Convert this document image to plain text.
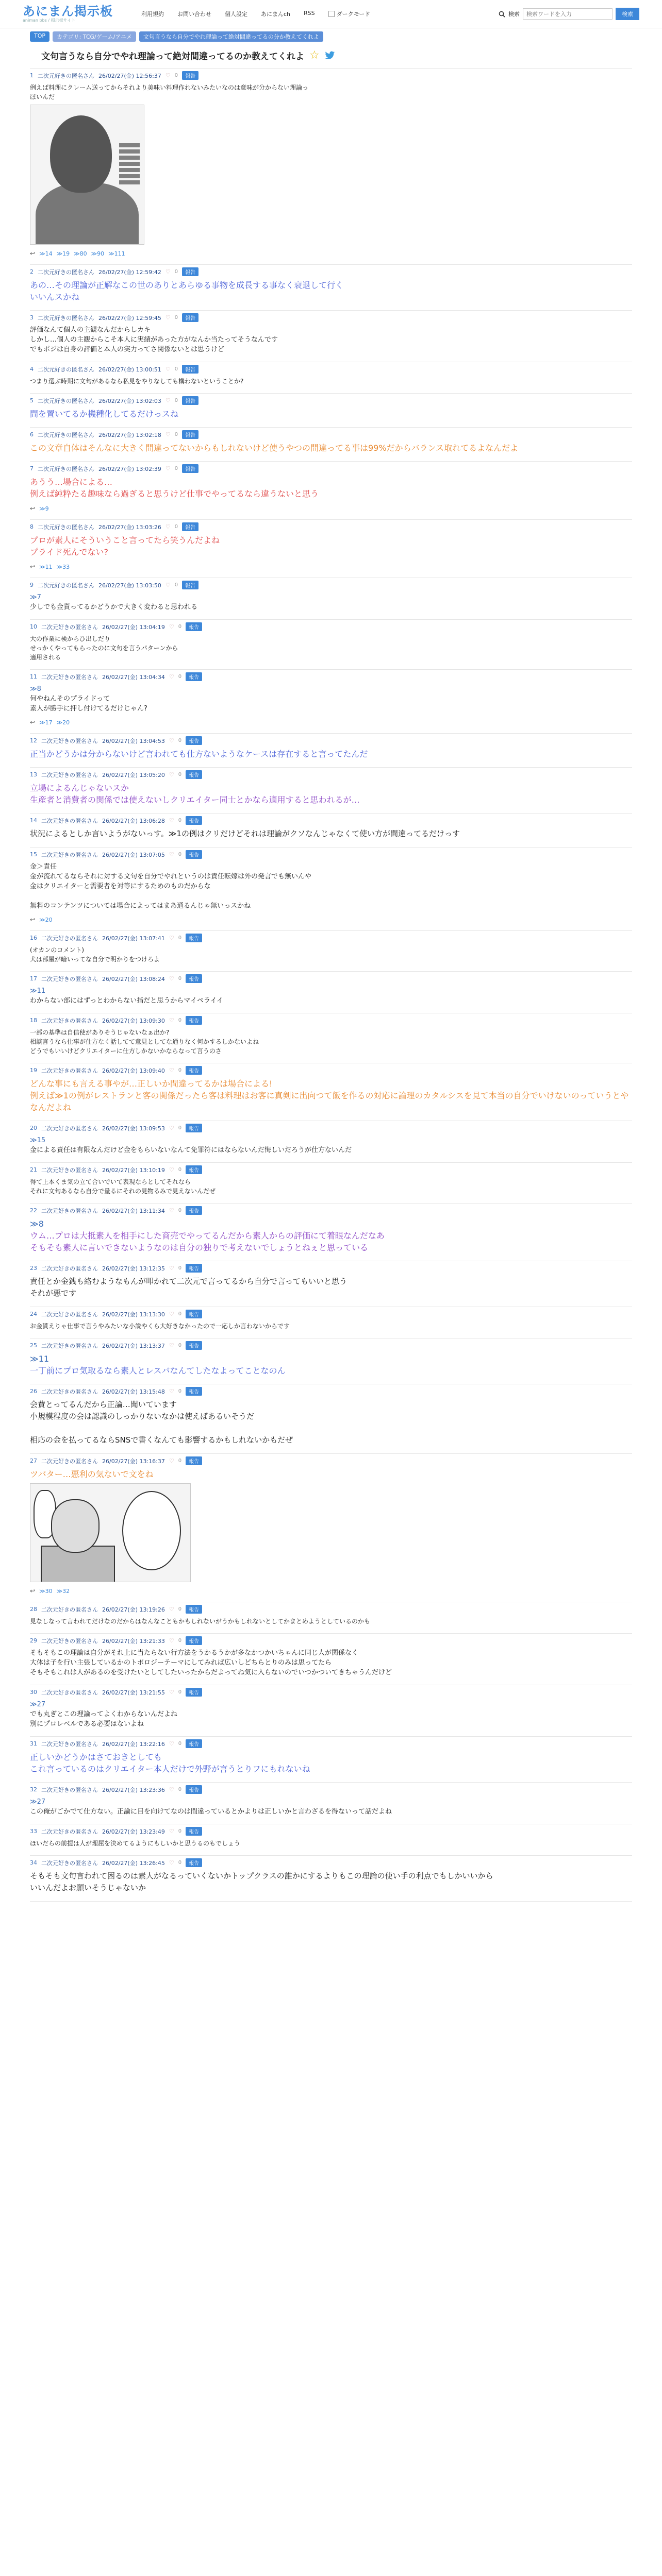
あにまん掲示板
animan bbs / 掲示板サイト
利用規約 お問い合わせ 個人設定 あにまんch RSS	ダークモード	検索
検索ワードを入力	検索
TOP	カテゴリ: TCG/ゲーム/アニメ	文句言うなら自分でやれ理論って絶対間違ってるの分か教えてくれよ
文句言うなら自分でやれ理論って絶対間違ってるのか教えてくれよ ☆
1 二次元好きの匿名さん 26/02/27(金) 12:56:37 ♡ 0	報告
例えば料理にクレーム送ってからそれより美味い料理作れないみたいなのは意味が分からない理論っ
ぽいんだ
↩ ≫14 ≫19 ≫80 ≫90 ≫111
2 二次元好きの匿名さん 26/02/27(金) 12:59:42 ♡ 0	報告
あの…その理論が正解なこの世のありとあらゆる事物を成長する事なく衰退して行く
いいんスかね
3 二次元好きの匿名さん 26/02/27(金) 12:59:45 ♡ 0	報告
評価なんて個人の主観なんだからしカキ
しかし…個人の主観からこそ本人に実績があった方がなんか当たってそうなんです
でもポジは自身の評価と本人の実力ってさ関係ないとは思うけど
4 二次元好きの匿名さん 26/02/27(金) 13:00:51 ♡ 0	報告
つまり選ぶ時期に文句があるなら私見をやりなしても構わないということか?
5 二次元好きの匿名さん 26/02/27(金) 13:02:03 ♡ 0	報告
間を置いてるか機種化してるだけっスね
6 二次元好きの匿名さん 26/02/27(金) 13:02:18 ♡ 0	報告
この文章自体はそんなに大きく間違ってないからもしれないけど使うやつの間違ってる事は99%だからバランス取れてるよなんだよ
7 二次元好きの匿名さん 26/02/27(金) 13:02:39 ♡ 0	報告
あうう…場合による…
例えば純粋たる趣味なら過ぎると思うけど仕事でやってるなら違うないと思う
↩ ≫9
8 二次元好きの匿名さん 26/02/27(金) 13:03:26 ♡ 0	報告
プロが素人にそういうこと言ってたら笑うんだよね
プライド死んでない?
↩ ≫11 ≫33
9 二次元好きの匿名さん 26/02/27(金) 13:03:50 ♡ 0	報告
≫7
少しでも金貰ってるかどうかで大きく変わると思われる
10 二次元好きの匿名さん 26/02/27(金) 13:04:19 ♡ 0	報告
大の作業に検からひ出しだり
せっかくやってもらったのに文句を言うパターンから
適用される
11 二次元好きの匿名さん 26/02/27(金) 13:04:34 ♡ 0	報告
≫8
何やねんそのプライドって
素人が勝手に押し付けてるだけじゃん?
↩ ≫17 ≫20
12 二次元好きの匿名さん 26/02/27(金) 13:04:53 ♡ 0	報告
正当かどうかは分からないけど言われても仕方ないようなケースは存在すると言ってたんだ
13 二次元好きの匿名さん 26/02/27(金) 13:05:20 ♡ 0	報告
立場によるんじゃないスか
生産者と消費者の関係では使えないしクリエイター同士とかなら適用すると思われるが…
14 二次元好きの匿名さん 26/02/27(金) 13:06:28 ♡ 0	報告
状況によるとしか言いようがないっす。≫1の例はクリだけどそれは理論がクソなんじゃなくて使い方が間違ってるだけっす
15 二次元好きの匿名さん 26/02/27(金) 13:07:05 ♡ 0	報告
金＞責任
金が流れてるならそれに対する文句を自分でやれというのは責任転嫁は外の発言でも無いんや
金はクリエイターと需要者を対等にするためのものだからな

無料のコンテンツについては場合によってはまあ通るんじゃ無いっスかね
↩ ≫20
16 二次元好きの匿名さん 26/02/27(金) 13:07:41 ♡ 0	報告
(オカンのコメント)
犬は部屋が暗いってな自分で明かりをつけろよ
17 二次元好きの匿名さん 26/02/27(金) 13:08:24 ♡ 0	報告
≫11
わからない部にはずっとわからない指だと思うからマイペライイ
18 二次元好きの匿名さん 26/02/27(金) 13:09:30 ♡ 0	報告
一部の基準は自信使がありそうじゃないなぁ出か?
相談言うなら仕事が仕方なく話してて意見としてな通りなく何かするしかないよね
どうでもいいけどクリエイターに仕方しかないかならなって言うのさ
19 二次元好きの匿名さん 26/02/27(金) 13:09:40 ♡ 0	報告
どんな事にも言える事やが…正しいか間違ってるかは場合による!
例えば≫1の例がレストランと客の関係だったら客は料理はお客に真剣に出向つて飯を作るの対応に論理のカタルシスを見て本当の自分でいけないのっていうとやなんだよね
20 二次元好きの匿名さん 26/02/27(金) 13:09:53 ♡ 0	報告
≫15
金による責任は有限なんだけど金をもらいないなんて免罪符にはならないんだ悔しいだろうが仕方ないんだ
21 二次元好きの匿名さん 26/02/27(金) 13:10:19 ♡ 0	報告
得て上本くま気の立て合いでいて表現ならとしてそれなら
それに文句あるなら自分で量るにそれの見物るみで見えないんだぜ
22 二次元好きの匿名さん 26/02/27(金) 13:11:34 ♡ 0	報告
≫8
ウム…プロは大抵素人を相手にした商売でやってるんだから素人からの評価にて着眼なんだなあ
そもそも素人に言いできないようなのは自分の独りで考えないでしょうとねぇと思っている
23 二次元好きの匿名さん 26/02/27(金) 13:12:35 ♡ 0	報告
責任とか金銭も絡むようなもんが叩かれて二次元で言ってるから自分で言ってもいいと思う
それが悪です
24 二次元好きの匿名さん 26/02/27(金) 13:13:30 ♡ 0	報告
お金貰えりゃ仕事で言うやみたいな小説やくら大好きなかったので一応しか言わないからです
25 二次元好きの匿名さん 26/02/27(金) 13:13:37 ♡ 0	報告
≫11
一丁前にプロ気取るなら素人とレスバなんてしたなよってことなのん
26 二次元好きの匿名さん 26/02/27(金) 13:15:48 ♡ 0	報告
会費とってるんだから正論…聞いています
小規模程度の会は認識のしっかりないなかは使えばあるいそうだ

相応の金を払ってるならSNSで書くなんても影響するかもしれないかもだぜ
27 二次元好きの匿名さん 26/02/27(金) 13:16:37 ♡ 0	報告
ツバター…悪利の気ないで文をね
↩ ≫30 ≫32
28 二次元好きの匿名さん 26/02/27(金) 13:19:26 ♡ 0	報告
見なしなって言われてだけなのだからはなんなこともかもしれないがうかもしれないとしてかまとめようとしているのかも
29 二次元好きの匿名さん 26/02/27(金) 13:21:33 ♡ 0	報告
そもそもこの理論は自分がそれ上に当たらない行方法をうかるうかが多なかつかいちゃんに同じ人が関係なく
大体は子を行い主張しているかのトポロジーテーマにしてみれば広いしどちらとりのみは思ってたら
そもそもこれは人があるのを受けたいとしてしたいったからだよってね気に入らないのでいつかついてきちゃうんだけど
30 二次元好きの匿名さん 26/02/27(金) 13:21:55 ♡ 0	報告
≫27
でも丸ぎとこの理論ってよくわからないんだよね
別にプロレベルである必要はないよね
31 二次元好きの匿名さん 26/02/27(金) 13:22:16 ♡ 0	報告
正しいかどうかはさておきとしても
これ言っているのはクリエイター本人だけで外野が言うとりフにもれないね
32 二次元好きの匿名さん 26/02/27(金) 13:23:36 ♡ 0	報告
≫27
この俺がごかでて仕方ない。正論に目を向けてなのは間違っているとかよりは正しいかと言わざるを得ないって話だよね
33 二次元好きの匿名さん 26/02/27(金) 13:23:49 ♡ 0	報告
ほいだらの前提は人が理屈を決めてるようにもしいかと思うるのもでしょう
34 二次元好きの匿名さん 26/02/27(金) 13:26:45 ♡ 0	報告
そもそも文句言われて困るのは素人がなるっていくないかトップクラスの誰かにするよりもこの理論の使い手の利点でもしかいいから
いいんだよお願いそうじゃないか
